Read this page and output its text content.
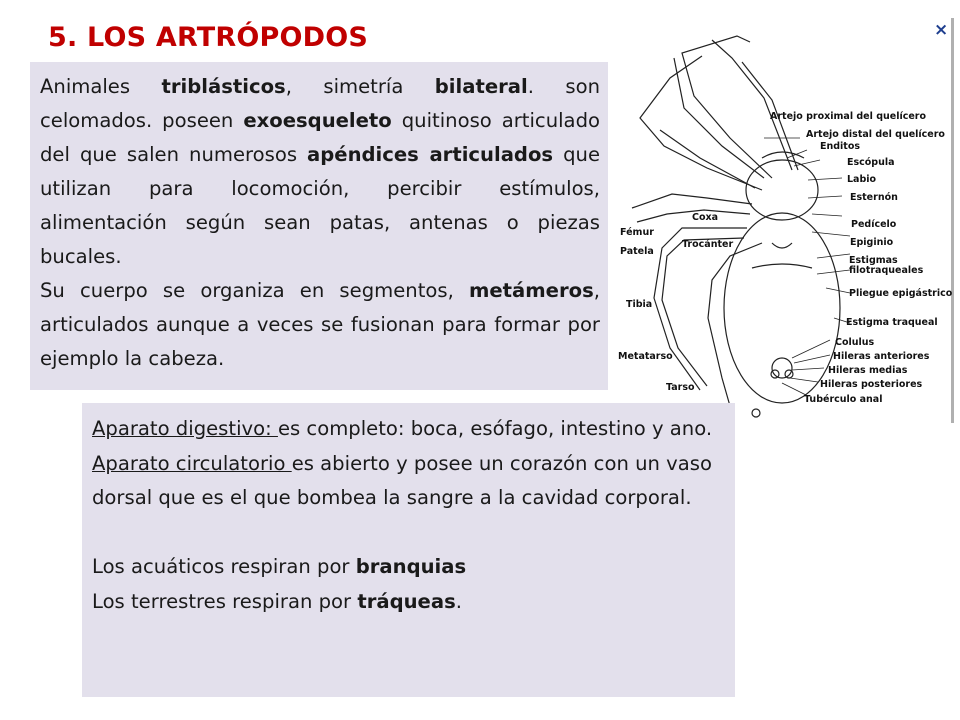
5. LOS ARTRÓPODOS

Animales triblásticos, simetría bilateral. son celomados. poseen exoesqueleto quitinoso articulado del que salen numerosos apéndices articulados que utilizan para locomoción, percibir estímulos, alimentación según sean patas, antenas o piezas bucales.

Su cuerpo se organiza en segmentos, metámeros, articulados aunque a veces se fusionan para formar por ejemplo la cabeza.

×
Artejo proximal del quelícero
Artejo distal del quelícero
Enditos
Escópula
Labio
Esternón
Coxa
Fémur
Pedícelo
Patela
Trocánter	Epiginio
Estigmas
filotraqueales
Pliegue epigástrico
Tibia
Estigma traqueal
Colulus
Metatarso	Hileras anteriores
Hileras medias
Tarso	Hileras posteriores
Tubérculo anal

Aparato digestivo: es completo: boca, esófago, intestino y ano.

Aparato circulatorio es abierto y posee un corazón con un vaso dorsal que es el que bombea la sangre a la cavidad corporal.

Los acuáticos respiran por branquias

Los terrestres respiran por tráqueas.
